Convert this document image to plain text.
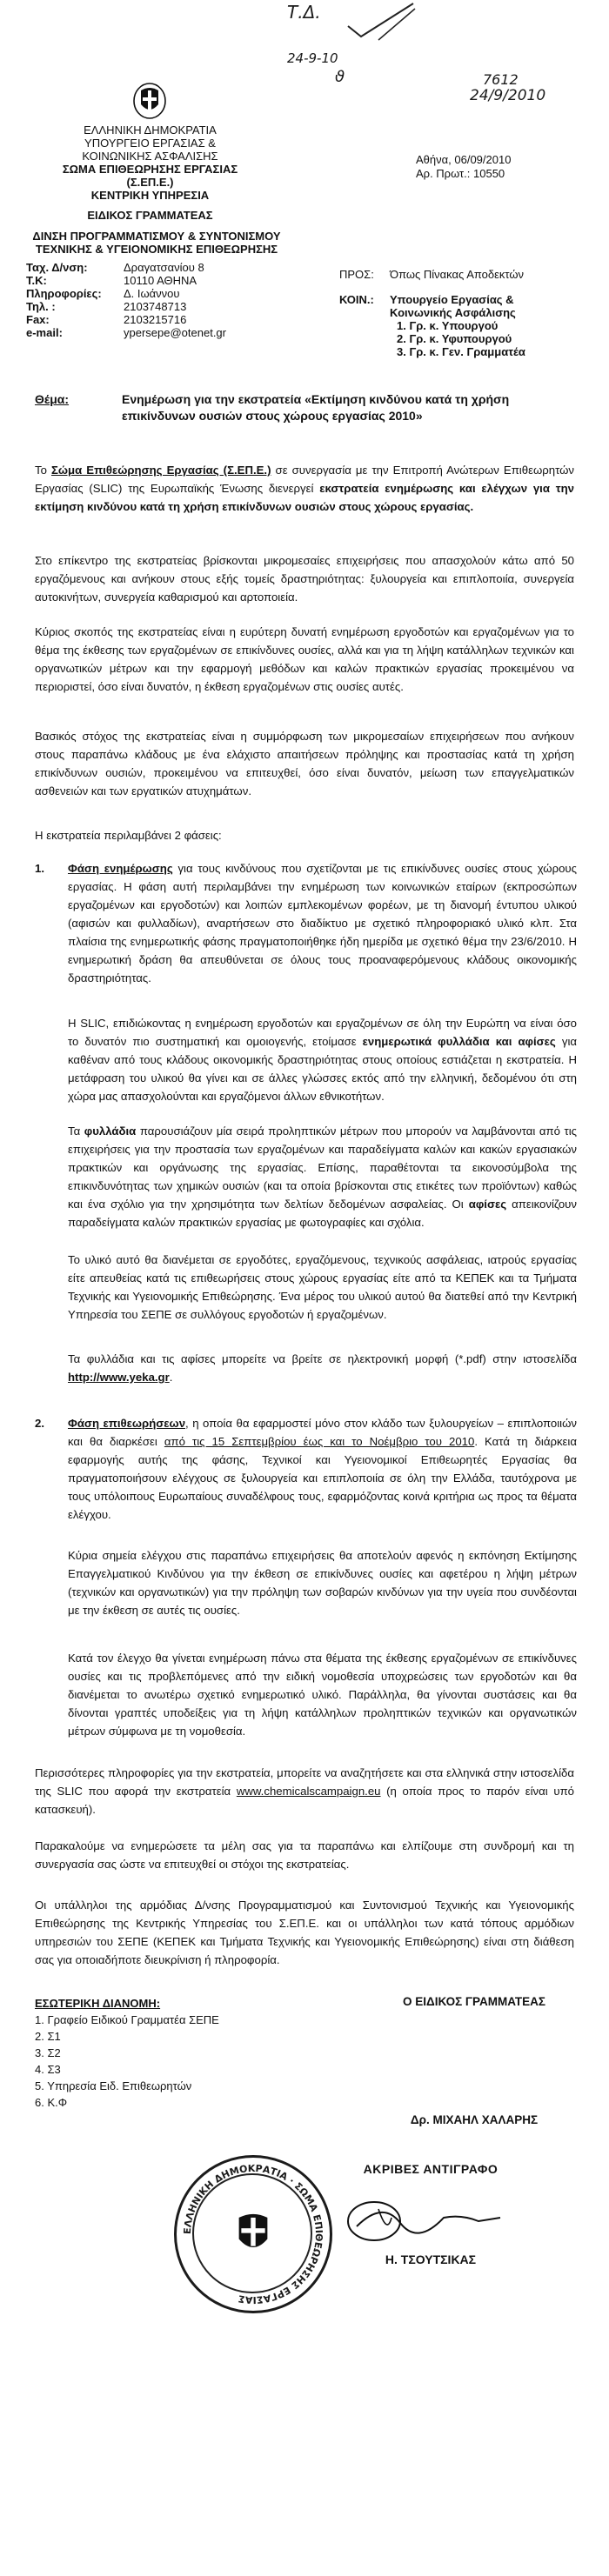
Τ.Δ.
24-9-10
ϑ	7612
24/9/2010
ΕΛΛΗΝΙΚΗ ΔΗΜΟΚΡΑΤΙΑ
ΥΠΟΥΡΓΕΙΟ ΕΡΓΑΣΙΑΣ &
ΚΟΙΝΩΝΙΚΗΣ ΑΣΦΑΛΙΣΗΣ
ΣΩΜΑ ΕΠΙΘΕΩΡΗΣΗΣ ΕΡΓΑΣΙΑΣ (Σ.ΕΠ.Ε.)
ΚΕΝΤΡΙΚΗ ΥΠΗΡΕΣΙΑ
ΕΙΔΙΚΟΣ ΓΡΑΜΜΑΤΕΑΣ
Αθήνα, 06/09/2010
Αρ. Πρωτ.: 10550
ΔΙΝΣΗ ΠΡΟΓΡΑΜΜΑΤΙΣΜΟΥ & ΣΥΝΤΟΝΙΣΜΟΥ
ΤΕΧΝΙΚΗΣ & ΥΓΕΙΟΝΟΜΙΚΗΣ ΕΠΙΘΕΩΡΗΣΗΣ
Ταχ. Δ/νση:	Δραγατσανίου 8
Τ.Κ:	10110 ΑΘΗΝΑ
Πληροφορίες:	Δ. Ιωάννου
Τηλ. :	2103748713
Fax:	2103215716
e-mail:	ypersepe@otenet.gr
ΠΡΟΣ:	Όπως Πίνακας Αποδεκτών
ΚΟΙΝ.:	Υπουργείο Εργασίας &
Κοινωνικής Ασφάλισης
1. Γρ. κ. Υπουργού
2. Γρ. κ. Υφυπουργού
3. Γρ. κ. Γεν. Γραμματέα
Θέμα:	Ενημέρωση για την εκστρατεία «Εκτίμηση κινδύνου κατά τη χρήση
επικίνδυνων ουσιών στους χώρους εργασίας 2010»
Το Σώμα Επιθεώρησης Εργασίας (Σ.ΕΠ.Ε.) σε συνεργασία με την Επιτροπή Ανώτερων Επιθεωρητών Εργασίας (SLIC) της Ευρωπαϊκής Ένωσης διενεργεί εκστρατεία ενημέρωσης και ελέγχων για την εκτίμηση κινδύνου κατά τη χρήση επικίνδυνων ουσιών στους χώρους εργασίας.
Στο επίκεντρο της εκστρατείας βρίσκονται μικρομεσαίες επιχειρήσεις που απασχολούν κάτω από 50 εργαζόμενους και ανήκουν στους εξής τομείς δραστηριότητας: ξυλουργεία και επιπλοποιία, συνεργεία αυτοκινήτων, συνεργεία καθαρισμού και αρτοποιεία.
Κύριος σκοπός της εκστρατείας είναι η ευρύτερη δυνατή ενημέρωση εργοδοτών και εργαζομένων για το θέμα της έκθεσης των εργαζομένων σε επικίνδυνες ουσίες, αλλά και για τη λήψη κατάλληλων τεχνικών και οργανωτικών μέτρων και την εφαρμογή μεθόδων και καλών πρακτικών εργασίας προκειμένου να περιοριστεί, όσο είναι δυνατόν, η έκθεση εργαζομένων στις ουσίες αυτές.
Βασικός στόχος της εκστρατείας είναι η συμμόρφωση των μικρομεσαίων επιχειρήσεων που ανήκουν στους παραπάνω κλάδους με ένα ελάχιστο απαιτήσεων πρόληψης και προστασίας κατά τη χρήση επικίνδυνων ουσιών, προκειμένου να επιτευχθεί, όσο είναι δυνατόν, μείωση των επαγγελματικών ασθενειών και των εργατικών ατυχημάτων.
Η εκστρατεία περιλαμβάνει 2 φάσεις:
1.	Φάση ενημέρωσης για τους κινδύνους που σχετίζονται με τις επικίνδυνες ουσίες στους χώρους εργασίας. Η φάση αυτή περιλαμβάνει την ενημέρωση των κοινωνικών εταίρων (εκπροσώπων εργαζομένων και εργοδοτών) και λοιπών εμπλεκομένων φορέων, με τη διανομή έντυπου υλικού (αφισών και φυλλαδίων), αναρτήσεων στο διαδίκτυο με σχετικό πληροφοριακό υλικό κλπ. Στα πλαίσια της ενημερωτικής φάσης πραγματοποιήθηκε ήδη ημερίδα με σχετικό θέμα την 23/6/2010. Η ενημερωτική δράση θα απευθύνεται σε όλους τους προαναφερόμενους κλάδους οικονομικής δραστηριότητας.
Η SLIC, επιδιώκοντας η ενημέρωση εργοδοτών και εργαζομένων σε όλη την Ευρώπη να είναι όσο το δυνατόν πιο συστηματική και ομοιογενής, ετοίμασε ενημερωτικά φυλλάδια και αφίσες για καθέναν από τους κλάδους οικονομικής δραστηριότητας στους οποίους εστιάζεται η εκστρατεία. Η μετάφραση του υλικού θα γίνει και σε άλλες γλώσσες εκτός από την ελληνική, δεδομένου ότι στη χώρα μας απασχολούνται και εργαζόμενοι άλλων εθνικοτήτων.
Τα φυλλάδια παρουσιάζουν μία σειρά προληπτικών μέτρων που μπορούν να λαμβάνονται από τις επιχειρήσεις για την προστασία των εργαζομένων και παραδείγματα καλών και κακών εργασιακών πρακτικών και οργάνωσης της εργασίας. Επίσης, παραθέτονται τα εικονοσύμβολα της επικινδυνότητας των χημικών ουσιών (και τα οποία βρίσκονται στις ετικέτες των προϊόντων) καθώς και ένα σχόλιο για την χρησιμότητα των δελτίων δεδομένων ασφαλείας. Οι αφίσες απεικονίζουν παραδείγματα καλών πρακτικών εργασίας με φωτογραφίες και σχόλια.
Το υλικό αυτό θα διανέμεται σε εργοδότες, εργαζόμενους, τεχνικούς ασφάλειας, ιατρούς εργασίας είτε απευθείας κατά τις επιθεωρήσεις στους χώρους εργασίας είτε από τα ΚΕΠΕΚ και τα Τμήματα Τεχνικής και Υγειονομικής Επιθεώρησης. Ένα μέρος του υλικού αυτού θα διατεθεί από την Κεντρική Υπηρεσία του ΣΕΠΕ σε συλλόγους εργοδοτών ή εργαζομένων.
Τα φυλλάδια και τις αφίσες μπορείτε να βρείτε σε ηλεκτρονική μορφή (*.pdf) στην ιστοσελίδα http://www.yeka.gr.
2.	Φάση επιθεωρήσεων, η οποία θα εφαρμοστεί μόνο στον κλάδο των ξυλουργείων – επιπλοποιιών και θα διαρκέσει από τις 15 Σεπτεμβρίου έως και το Νοέμβριο του 2010. Κατά τη διάρκεια εφαρμογής αυτής της φάσης, Τεχνικοί και Υγειονομικοί Επιθεωρητές Εργασίας θα πραγματοποιήσουν ελέγχους σε ξυλουργεία και επιπλοποιία σε όλη την Ελλάδα, ταυτόχρονα με τους υπόλοιπους Ευρωπαίους συναδέλφους τους, εφαρμόζοντας κοινά κριτήρια ως προς τα θέματα ελέγχου.
Κύρια σημεία ελέγχου στις παραπάνω επιχειρήσεις θα αποτελούν αφενός η εκπόνηση Εκτίμησης Επαγγελματικού Κινδύνου για την έκθεση σε επικίνδυνες ουσίες και αφετέρου η λήψη μέτρων (τεχνικών και οργανωτικών) για την πρόληψη των σοβαρών κινδύνων για την υγεία που συνδέονται με την έκθεση σε αυτές τις ουσίες.
Κατά τον έλεγχο θα γίνεται ενημέρωση πάνω στα θέματα της έκθεσης εργαζομένων σε επικίνδυνες ουσίες και τις προβλεπόμενες από την ειδική νομοθεσία υποχρεώσεις των εργοδοτών και θα διανέμεται το ανωτέρω σχετικό ενημερωτικό υλικό. Παράλληλα, θα γίνονται συστάσεις και θα δίνονται γραπτές υποδείξεις για τη λήψη κατάλληλων προληπτικών τεχνικών και οργανωτικών μέτρων σύμφωνα με τη νομοθεσία.
Περισσότερες πληροφορίες για την εκστρατεία, μπορείτε να αναζητήσετε και στα ελληνικά στην ιστοσελίδα της SLIC που αφορά την εκστρατεία www.chemicalscampaign.eu (η οποία προς το παρόν είναι υπό κατασκευή).
Παρακαλούμε να ενημερώσετε τα μέλη σας για τα παραπάνω και ελπίζουμε στη συνδρομή και τη συνεργασία σας ώστε να επιτευχθεί οι στόχοι της εκστρατείας.
Οι υπάλληλοι της αρμόδιας Δ/νσης Προγραμματισμού και Συντονισμού Τεχνικής και Υγειονομικής Επιθεώρησης της Κεντρικής Υπηρεσίας του Σ.ΕΠ.Ε. και οι υπάλληλοι των κατά τόπους αρμόδιων υπηρεσιών του ΣΕΠΕ (ΚΕΠΕΚ και Τμήματα Τεχνικής και Υγειονομικής Επιθεώρησης) είναι στη διάθεση σας για οποιαδήποτε διευκρίνιση ή πληροφορία.
ΕΣΩΤΕΡΙΚΗ ΔΙΑΝΟΜΗ:
1. Γραφείο Ειδικού Γραμματέα ΣΕΠΕ
2. Σ1
3. Σ2
4. Σ3
5. Υπηρεσία Ειδ. Επιθεωρητών
6. Κ.Φ
Ο ΕΙΔΙΚΟΣ ΓΡΑΜΜΑΤΕΑΣ
Δρ. ΜΙΧΑΗΛ ΧΑΛΑΡΗΣ
ΕΛΛΗΝΙΚΗ ΔΗΜΟΚΡΑΤΙΑ · ΣΩΜΑ ΕΠΙΘΕΩΡΗΣΗΣ ΕΡΓΑΣΙΑΣ
ΑΚΡΙΒΕΣ ΑΝΤΙΓΡΑΦΟ
Η. ΤΣΟΥΤΣΙΚΑΣ
